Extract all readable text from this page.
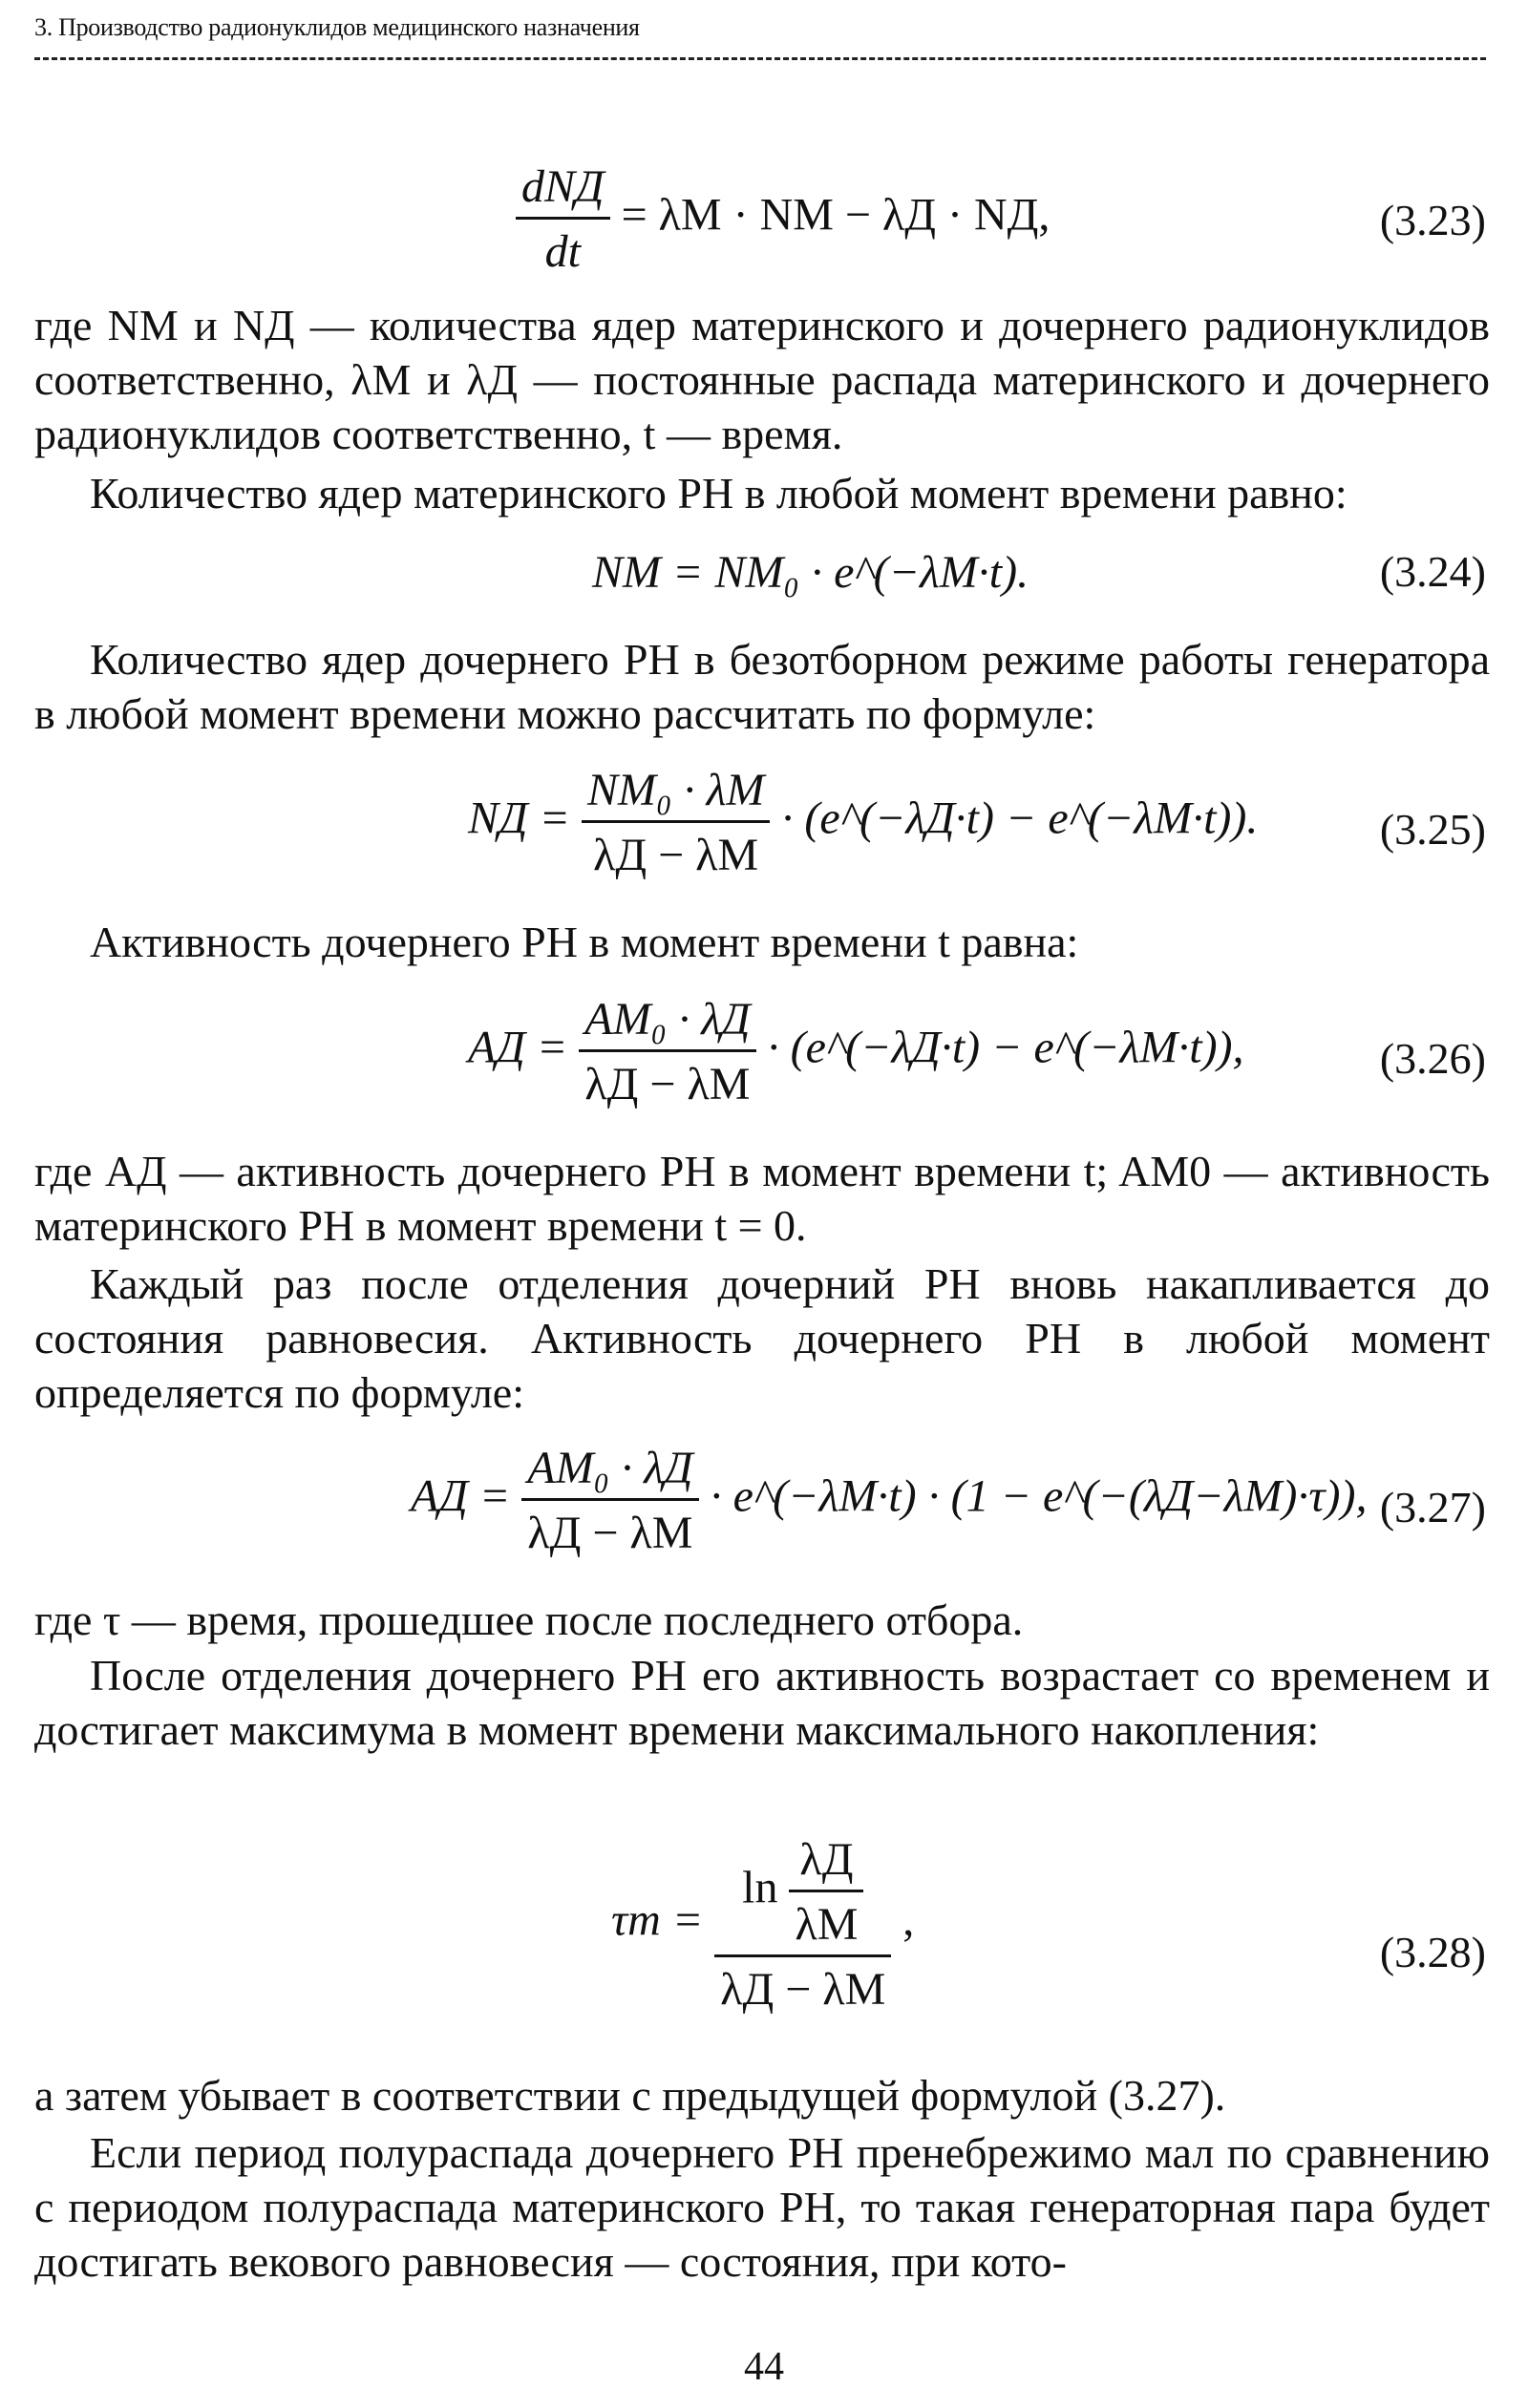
3. Производство радионуклидов медицинского назначения
$\frac{\text{dNД}}{dt} = \lambda М$ · NМ − λД · NД,	(3.23)

где NМ и NД — количества ядер материнского и дочернего радионуклидов соответственно, λМ и λД — постоянные распада материнского и дочернего радионуклидов соответственно, t — время.

Количество ядер материнского РН в любой момент времени равно:

NМ = NМ₀ · e^(−λМ·t).	(3.24)

Количество ядер дочернего РН в безотборном режиме работы генератора в любой момент времени можно рассчитать по формуле:

NД = $\frac{\text{NМ₀ · λМ}}{\lambda Д - \lambda М}$ · (e^(−λД·t) − e^(−λМ·t)).	(3.25)

Активность дочернего РН в момент времени t равна:

AД = $\frac{\text{AМ₀ · λД}}{\lambda Д - \lambda М}$ · (e^(−λД·t) − e^(−λМ·t)),	(3.26)

где AД — активность дочернего РН в момент времени t; AМ0 — активность материнского РН в момент времени t = 0.

Каждый раз после отделения дочерний РН вновь накапливается до состояния равновесия. Активность дочернего РН в любой момент определяется по формуле:

AД = $\frac{\text{AМ₀ · λД}}{\lambda Д - \lambda М}$ · e^(−λМ·t) · (1 − e^(−(λД−λМ)·τ)), (3.27)

где τ — время, прошедшее после последнего отбора.

После отделения дочернего РН его активность возрастает со временем и достигает максимума в момент времени максимального накопления:

$\tau m = \frac{\ln \frac{\lambda Д}{\lambda М}}{\lambda Д - \lambda М}$ ,
(3.28)

а затем убывает в соответствии с предыдущей формулой (3.27).

Если период полураспада дочернего РН пренебрежимо мал по сравнению с периодом полураспада материнского РН, то такая генераторная пара будет достигать векового равновесия — состояния, при кото-

44
